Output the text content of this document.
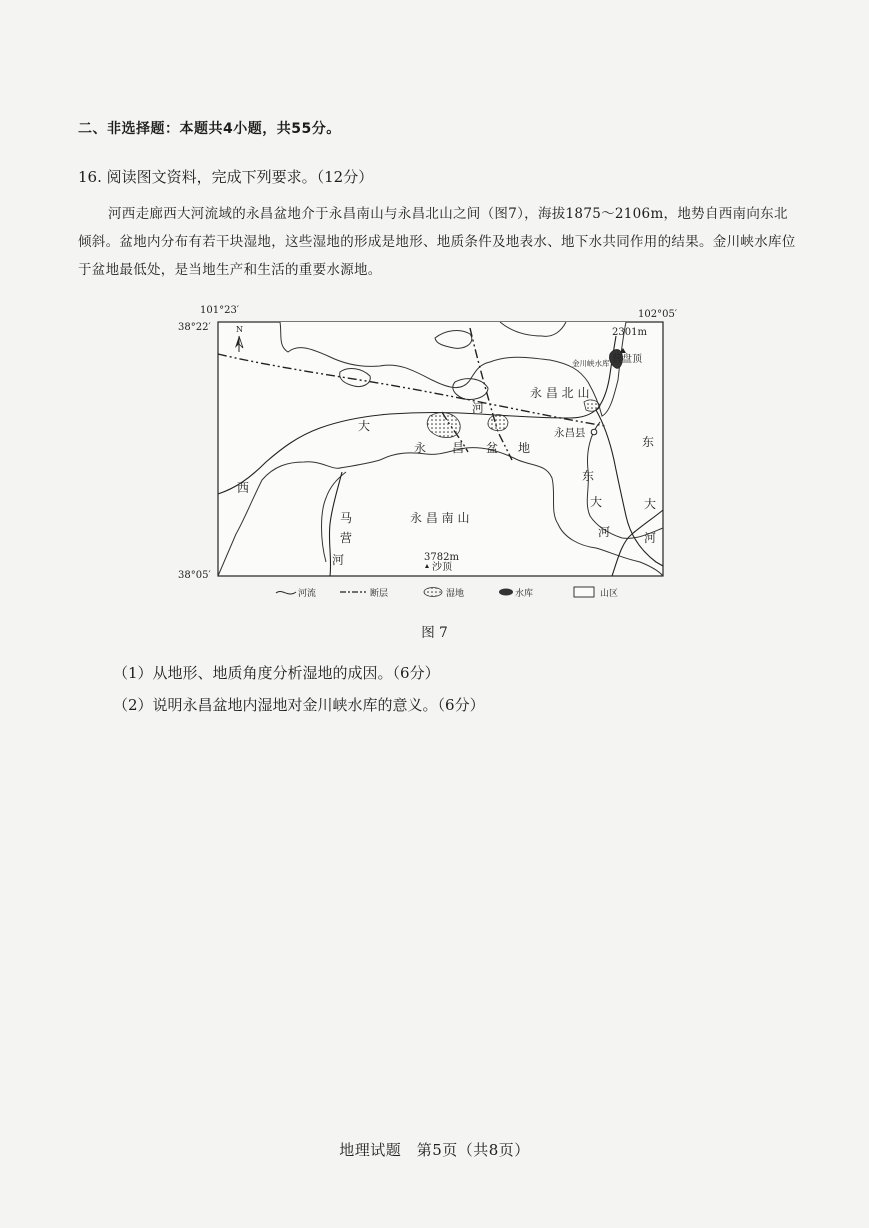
二、非选择题：本题共4小题，共55分。
16. 阅读图文资料，完成下列要求。（12分）
河西走廊西大河流域的永昌盆地介于永昌南山与永昌北山之间（图7），海拔1875～2106m，地势自西南向东北倾斜。盆地内分布有若干块湿地，这些湿地的形成是地形、地质条件及地表水、地下水共同作用的结果。金川峡水库位于盆地最低处，是当地生产和生活的重要水源地。
101°23′	102°05′
38°22′
38°05′
N
永 昌 北 山
永 昌 南 山
永 昌 盆 地
大
河
西
马
营
河
东
大
河
东
大
河
永昌县
金川峡水库
2301m
营盘顶
3782m
沙顶
河流	断层	湿地	水库	山区
图 7
（1）从地形、地质角度分析湿地的成因。（6分）
（2）说明永昌盆地内湿地对金川峡水库的意义。（6分）
地理试题　第5页（共8页）
